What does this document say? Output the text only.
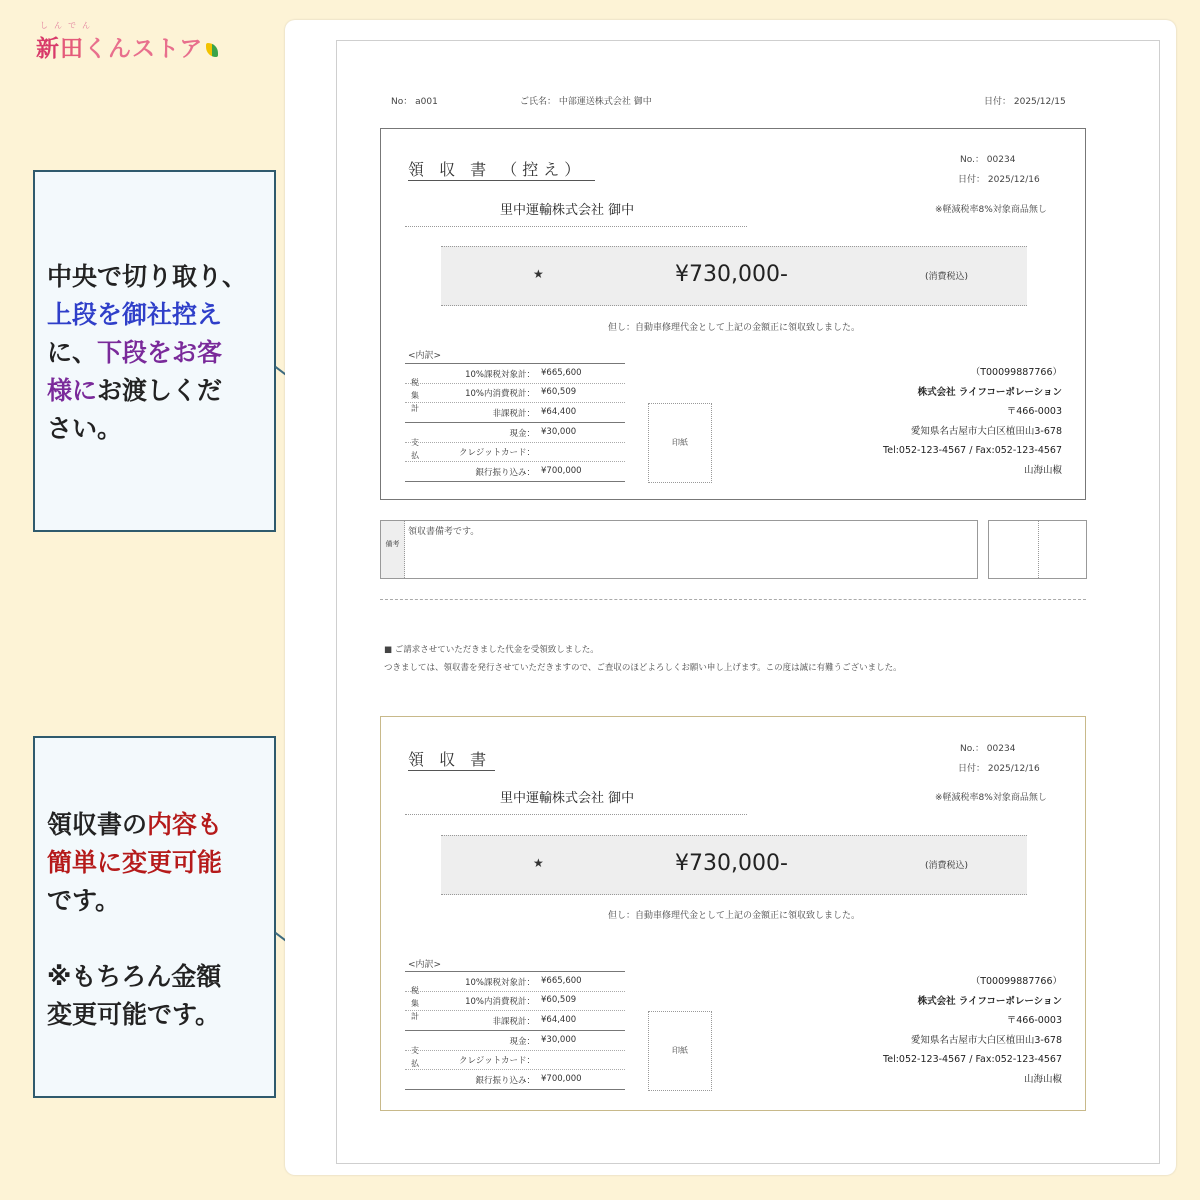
しんでん
新田くんストア
中央で切り取り、
上段を御社控え
に、下段をお客
様にお渡しくだ
さい。
領収書の内容も
簡単に変更可能
です。
※もちろん金額
変更可能です。
No： a001	ご氏名： 中部運送株式会社 御中	日付： 2025/12/15
領 収 書 （控え）	No.： 00234
日付： 2025/12/16
里中運輸株式会社 御中	※軽減税率8%対象商品無し
★	¥730,000-	(消費税込)
但し：自動車修理代金として上記の金額正に領収致しました。
<内訳>
税集計
支払
10%課税対象計： ¥665,600
10%内消費税計： ¥60,509
非課税計： ¥64,400
現金： ¥30,000
クレジットカード：
銀行振り込み： ¥700,000
印紙
（T00099887766）
株式会社 ライフコーポレーション
〒466-0003
愛知県名古屋市大白区植田山3-678
Tel:052-123-4567 / Fax:052-123-4567
山海山椒
備考
領収書備考です。
■ ご請求させていただきました代金を受領致しました。
つきましては、領収書を発行させていただきますので、ご査収のほどよろしくお願い申し上げます。この度は誠に有難うございました。
領 収 書
No.： 00234
日付： 2025/12/16
里中運輸株式会社 御中	※軽減税率8%対象商品無し
★	¥730,000-	(消費税込)
但し：自動車修理代金として上記の金額正に領収致しました。
<内訳>
税集計
支払
10%課税対象計： ¥665,600
10%内消費税計： ¥60,509
非課税計： ¥64,400
現金： ¥30,000
クレジットカード：
銀行振り込み： ¥700,000
印紙
（T00099887766）
株式会社 ライフコーポレーション
〒466-0003
愛知県名古屋市大白区植田山3-678
Tel:052-123-4567 / Fax:052-123-4567
山海山椒
